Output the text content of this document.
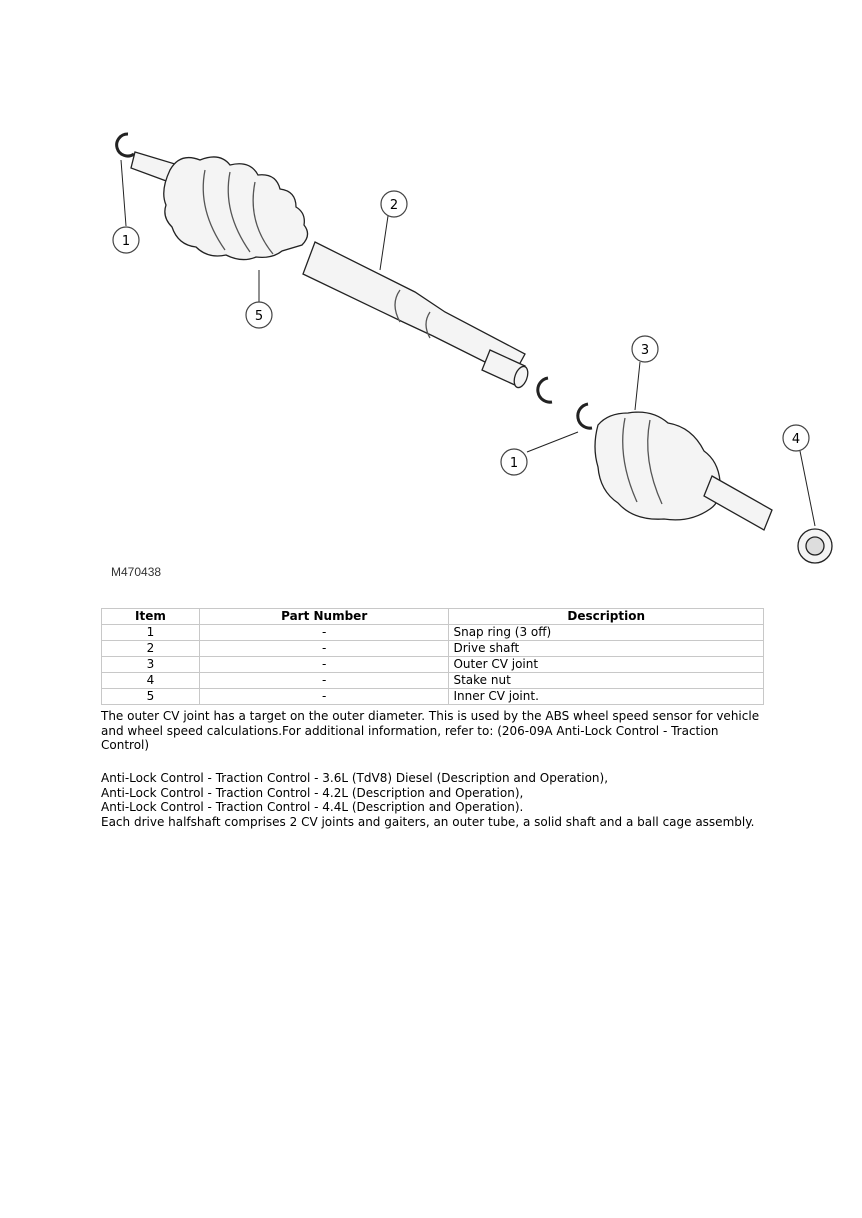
1
2
5
3
1
4
M470438
Item	Part Number	Description
1	-	Snap ring (3 off)
2	-	Drive shaft
3	-	Outer CV joint
4	-	Stake nut
5	-	Inner CV joint.
The outer CV joint has a target on the outer diameter. This is used by the ABS wheel speed sensor for vehicle and wheel speed calculations.For additional information, refer to: (206-09A Anti-Lock Control - Traction Control)
Anti-Lock Control - Traction Control - 3.6L (TdV8) Diesel (Description and Operation),
Anti-Lock Control - Traction Control - 4.2L (Description and Operation),
Anti-Lock Control - Traction Control - 4.4L (Description and Operation).
Each drive halfshaft comprises 2 CV joints and gaiters, an outer tube, a solid shaft and a ball cage assembly.
